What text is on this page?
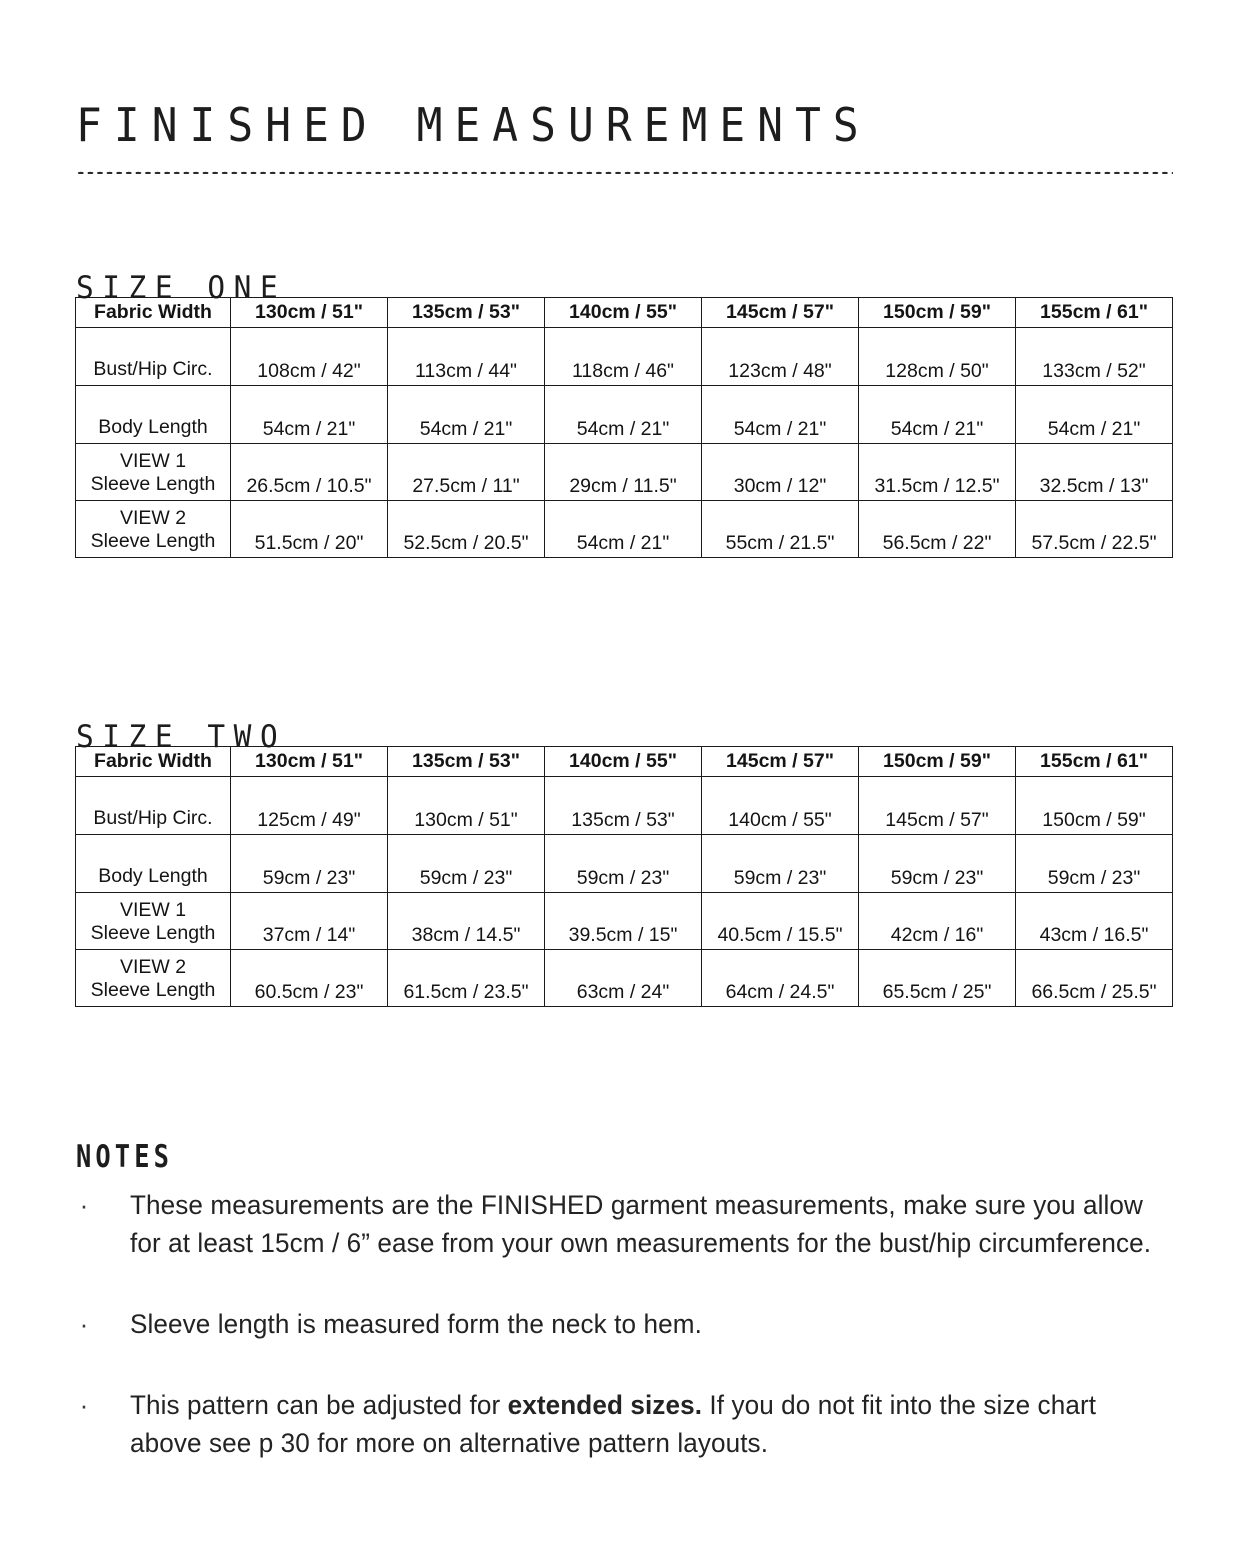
FINISHED MEASUREMENTS
SIZE ONE
Fabric Width	130cm / 51"	135cm / 53"	140cm / 55"	145cm / 57"	150cm / 59"	155cm / 61"

Bust/Hip Circ.	108cm / 42"	113cm / 44"	118cm / 46"	123cm / 48"	128cm / 50"	133cm / 52"

Body Length	54cm / 21"	54cm / 21"	54cm / 21"	54cm / 21"	54cm / 21"	54cm / 21"

VIEW 1
Sleeve Length	26.5cm / 10.5"	27.5cm / 11"	29cm / 11.5"	30cm / 12"	31.5cm / 12.5"	32.5cm / 13"

VIEW 2
Sleeve Length	51.5cm / 20"	52.5cm / 20.5"	54cm / 21"	55cm / 21.5"	56.5cm / 22"	57.5cm / 22.5"
SIZE TWO
Fabric Width	130cm / 51"	135cm / 53"	140cm / 55"	145cm / 57"	150cm / 59"	155cm / 61"

Bust/Hip Circ.	125cm / 49"	130cm / 51"	135cm / 53"	140cm / 55"	145cm / 57"	150cm / 59"

Body Length	59cm / 23"	59cm / 23"	59cm / 23"	59cm / 23"	59cm / 23"	59cm / 23"

VIEW 1
Sleeve Length	37cm / 14"	38cm / 14.5"	39.5cm / 15"	40.5cm / 15.5"	42cm / 16"	43cm / 16.5"

VIEW 2
Sleeve Length	60.5cm / 23"	61.5cm / 23.5"	63cm / 24"	64cm / 24.5"	65.5cm / 25"	66.5cm / 25.5"
NOTES
· These measurements are the FINISHED garment measurements, make sure you allow for at least 15cm / 6” ease from your own measurements for the bust/hip circumference.
· Sleeve length is measured form the neck to hem.
· This pattern can be adjusted for extended sizes. If you do not fit into the size chart above see p 30 for more on alternative pattern layouts.
